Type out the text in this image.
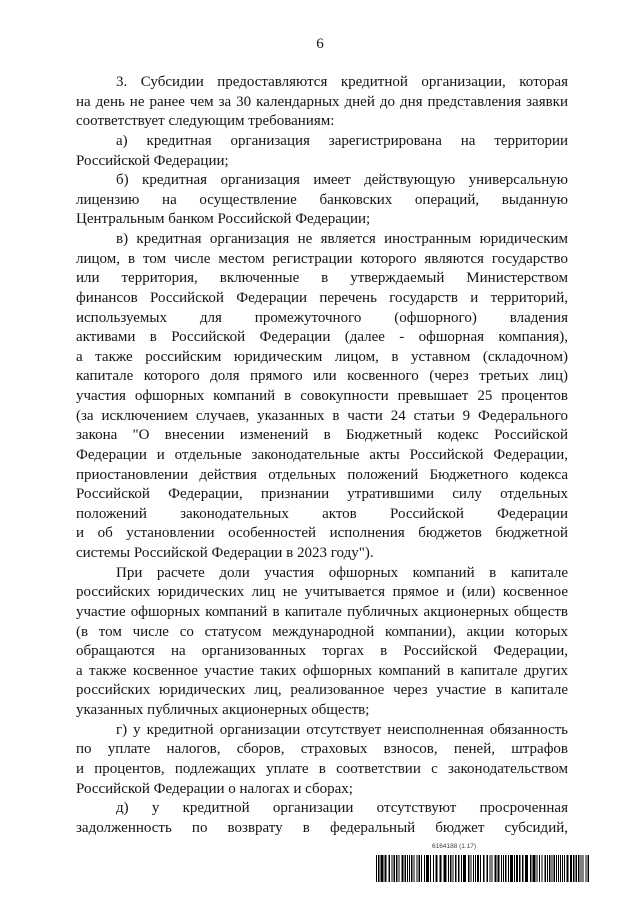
6
3. Субсидии предоставляются кредитной организации, которая
на день не ранее чем за 30 календарных дней до дня представления заявки
соответствует следующим требованиям:
а) кредитная организация зарегистрирована на территории
Российской Федерации;
б) кредитная организация имеет действующую универсальную
лицензию на осуществление банковских операций, выданную
Центральным банком Российской Федерации;
в) кредитная организация не является иностранным юридическим
лицом, в том числе местом регистрации которого являются государство
или территория, включенные в утверждаемый Министерством
финансов Российской Федерации перечень государств и территорий,
используемых для промежуточного (офшорного) владения
активами в Российской Федерации (далее - офшорная компания),
а также российским юридическим лицом, в уставном (складочном)
капитале которого доля прямого или косвенного (через третьих лиц)
участия офшорных компаний в совокупности превышает 25 процентов
(за исключением случаев, указанных в части 24 статьи 9 Федерального
закона "О внесении изменений в Бюджетный кодекс Российской
Федерации и отдельные законодательные акты Российской Федерации,
приостановлении действия отдельных положений Бюджетного кодекса
Российской Федерации, признании утратившими силу отдельных
положений законодательных актов Российской Федерации
и об установлении особенностей исполнения бюджетов бюджетной
системы Российской Федерации в 2023 году").
При расчете доли участия офшорных компаний в капитале
российских юридических лиц не учитывается прямое и (или) косвенное
участие офшорных компаний в капитале публичных акционерных обществ
(в том числе со статусом международной компании), акции которых
обращаются на организованных торгах в Российской Федерации,
а также косвенное участие таких офшорных компаний в капитале других
российских юридических лиц, реализованное через участие в капитале
указанных публичных акционерных обществ;
г) у кредитной организации отсутствует неисполненная обязанность
по уплате налогов, сборов, страховых взносов, пеней, штрафов
и процентов, подлежащих уплате в соответствии с законодательством
Российской Федерации о налогах и сборах;
д) у кредитной организации отсутствуют просроченная
задолженность по возврату в федеральный бюджет субсидий,
6164188 (1.17)
